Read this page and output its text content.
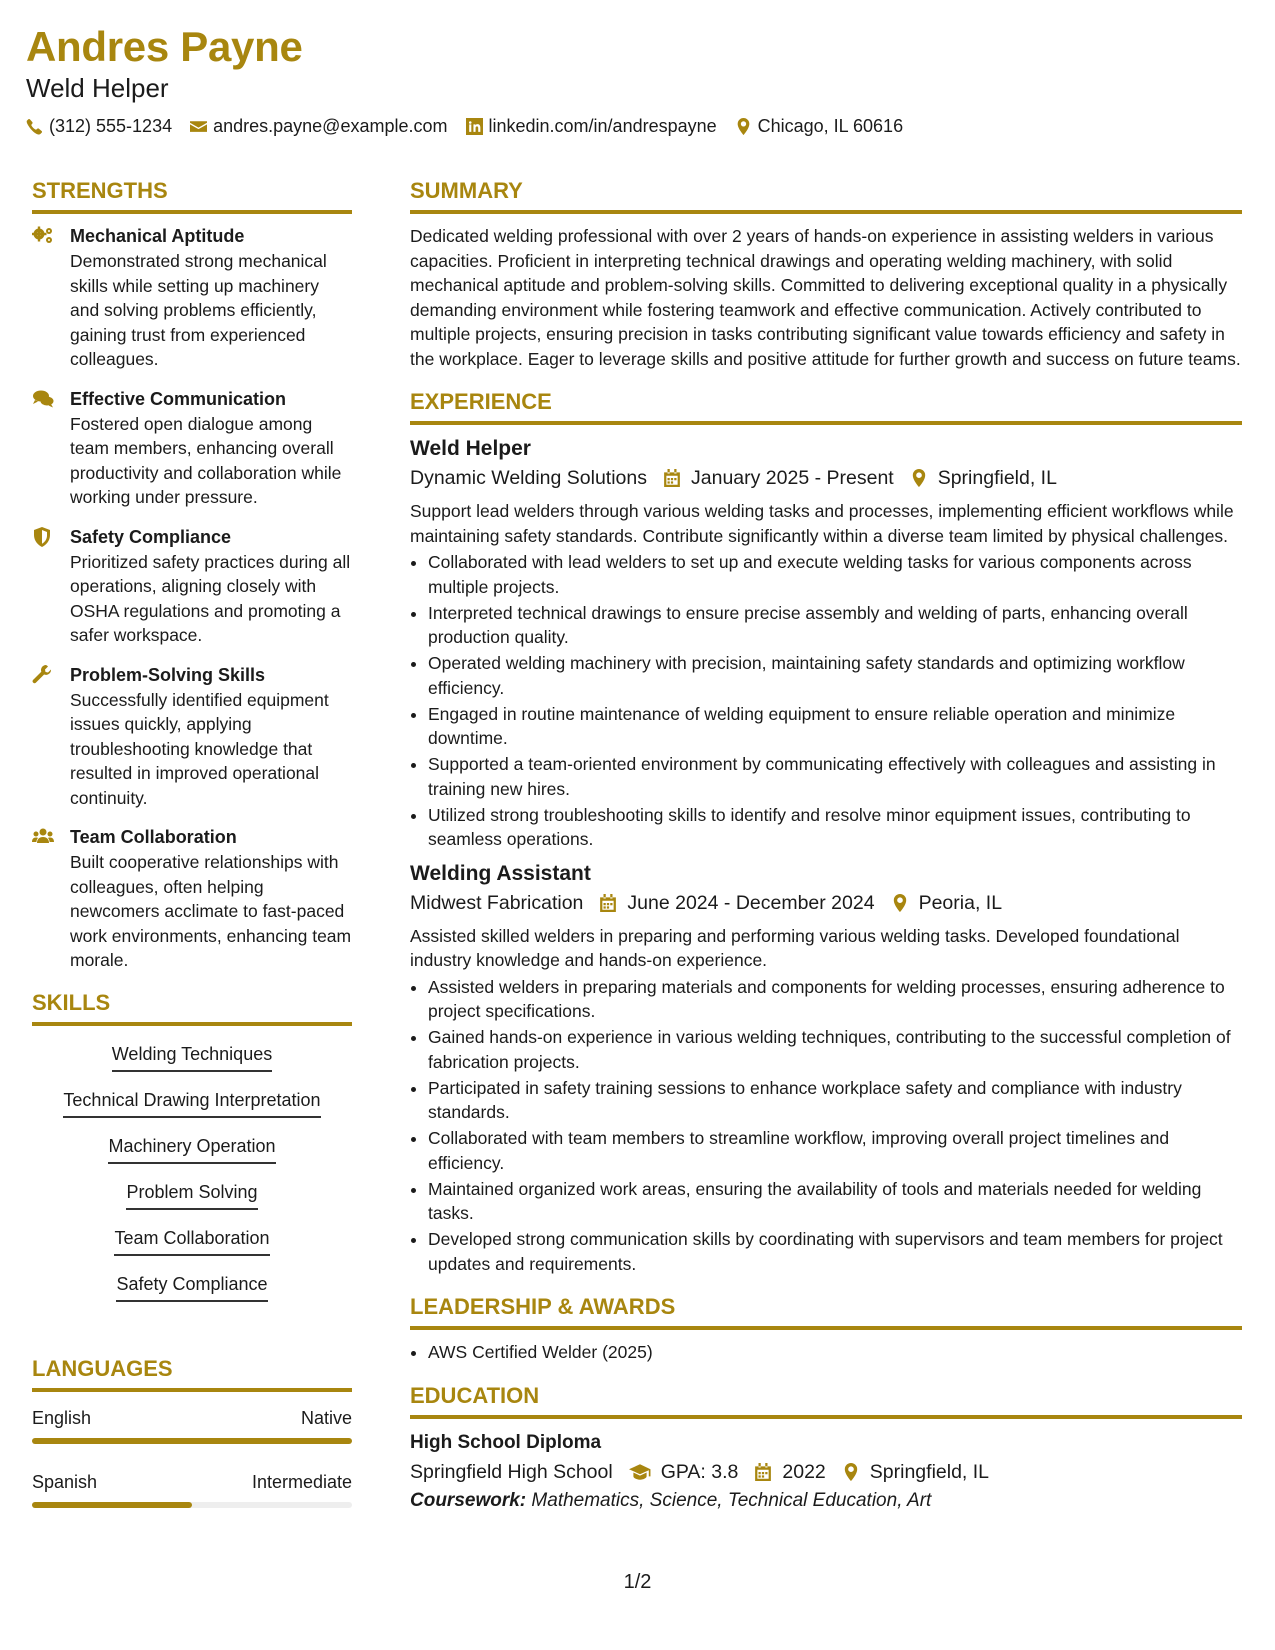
Andres Payne
Weld Helper
(312) 555-1234 andres.payne@example.com linkedin.com/in/andrespayne Chicago, IL 60616
STRENGTHS
Mechanical Aptitude
Demonstrated strong mechanical skills while setting up machinery and solving problems efficiently, gaining trust from experienced colleagues.
Effective Communication
Fostered open dialogue among team members, enhancing overall productivity and collaboration while working under pressure.
Safety Compliance
Prioritized safety practices during all operations, aligning closely with OSHA regulations and promoting a safer workspace.
Problem-Solving Skills
Successfully identified equipment issues quickly, applying troubleshooting knowledge that resulted in improved operational continuity.
Team Collaboration
Built cooperative relationships with colleagues, often helping newcomers acclimate to fast-paced work environments, enhancing team morale.
SKILLS
Welding Techniques
Technical Drawing Interpretation
Machinery Operation
Problem Solving
Team Collaboration
Safety Compliance
LANGUAGES
English	Native
Spanish	Intermediate
SUMMARY
Dedicated welding professional with over 2 years of hands-on experience in assisting welders in various capacities. Proficient in interpreting technical drawings and operating welding machinery, with solid mechanical aptitude and problem-solving skills. Committed to delivering exceptional quality in a physically demanding environment while fostering teamwork and effective communication. Actively contributed to multiple projects, ensuring precision in tasks contributing significant value towards efficiency and safety in the workplace. Eager to leverage skills and positive attitude for further growth and success on future teams.
EXPERIENCE
Weld Helper
Dynamic Welding Solutions January 2025 - Present Springfield, IL
Support lead welders through various welding tasks and processes, implementing efficient workflows while maintaining safety standards. Contribute significantly within a diverse team limited by physical challenges.
• Collaborated with lead welders to set up and execute welding tasks for various components across multiple projects.
• Interpreted technical drawings to ensure precise assembly and welding of parts, enhancing overall production quality.
• Operated welding machinery with precision, maintaining safety standards and optimizing workflow efficiency.
• Engaged in routine maintenance of welding equipment to ensure reliable operation and minimize downtime.
• Supported a team-oriented environment by communicating effectively with colleagues and assisting in training new hires.
• Utilized strong troubleshooting skills to identify and resolve minor equipment issues, contributing to seamless operations.
Welding Assistant
Midwest Fabrication June 2024 - December 2024 Peoria, IL
Assisted skilled welders in preparing and performing various welding tasks. Developed foundational industry knowledge and hands-on experience.
• Assisted welders in preparing materials and components for welding processes, ensuring adherence to project specifications.
• Gained hands-on experience in various welding techniques, contributing to the successful completion of fabrication projects.
• Participated in safety training sessions to enhance workplace safety and compliance with industry standards.
• Collaborated with team members to streamline workflow, improving overall project timelines and efficiency.
• Maintained organized work areas, ensuring the availability of tools and materials needed for welding tasks.
• Developed strong communication skills by coordinating with supervisors and team members for project updates and requirements.
LEADERSHIP & AWARDS
• AWS Certified Welder (2025)
EDUCATION
High School Diploma
Springfield High School GPA: 3.8 2022 Springfield, IL
Coursework: Mathematics, Science, Technical Education, Art
1/2
